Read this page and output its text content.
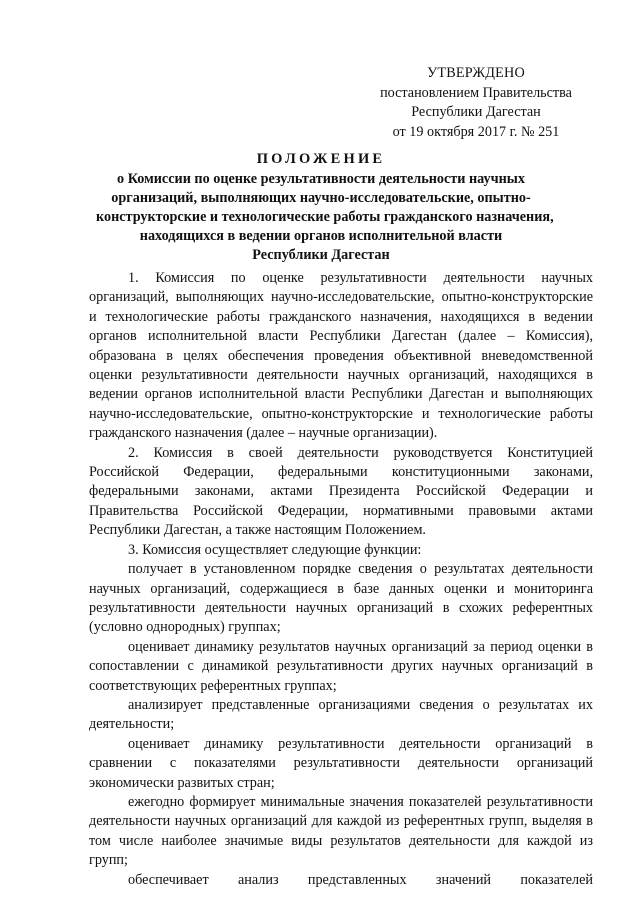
УТВЕРЖДЕНО
постановлением Правительства
Республики Дагестан
от 19 октября 2017 г. № 251
ПОЛОЖЕНИЕ
о Комиссии по оценке результативности деятельности научных
организаций, выполняющих научно-исследовательские, опытно-
конструкторские и технологические работы гражданского назначения,
находящихся в ведении органов исполнительной власти
Республики Дагестан

1. Комиссия по оценке результативности деятельности научных организаций, выполняющих научно-исследовательские, опытно-конструкторские и технологические работы гражданского назначения, находящихся в ведении органов исполнительной власти Республики Дагестан (далее – Комиссия), образована в целях обеспечения проведения объективной вневедомственной оценки результативности деятельности научных организаций, находящихся в ведении органов исполнительной власти Республики Дагестан и выполняющих научно-исследовательские, опытно-конструкторские и технологические работы гражданского назначения (далее – научные организации).

2. Комиссия в своей деятельности руководствуется Конституцией Российской Федерации, федеральными конституционными законами, федеральными законами, актами Президента Российской Федерации и Правительства Российской Федерации, нормативными правовыми актами Республики Дагестан, а также настоящим Положением.

3. Комиссия осуществляет следующие функции:

получает в установленном порядке сведения о результатах деятельности научных организаций, содержащиеся в базе данных оценки и мониторинга результативности деятельности научных организаций в схожих референтных (условно однородных) группах;

оценивает динамику результатов научных организаций за период оценки в сопоставлении с динамикой результативности других научных организаций в соответствующих референтных группах;

анализирует представленные организациями сведения о результатах их деятельности;

оценивает динамику результативности деятельности организаций в сравнении с показателями результативности деятельности организаций экономически развитых стран;

ежегодно формирует минимальные значения показателей результативности деятельности научных организаций для каждой из референтных групп, выделяя в том числе наиболее значимые виды результатов деятельности для каждой из групп;

обеспечивает анализ представленных значений показателей
